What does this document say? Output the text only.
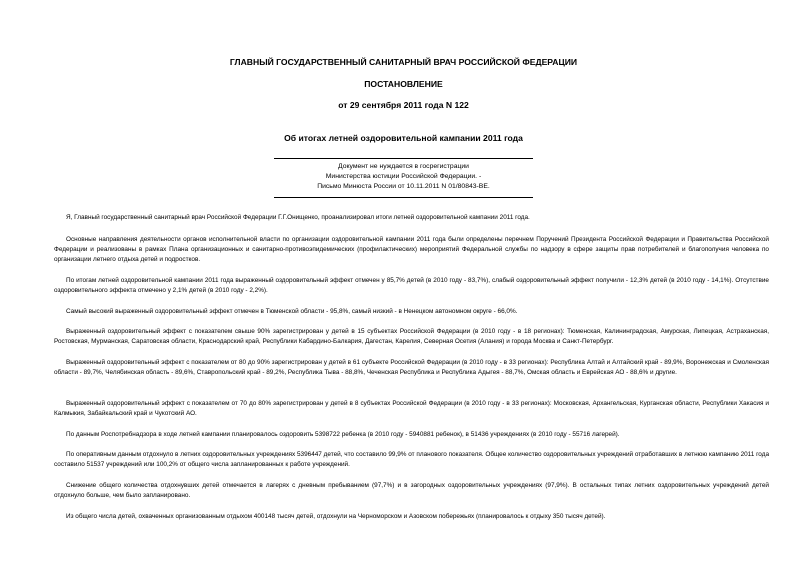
ГЛАВНЫЙ ГОСУДАРСТВЕННЫЙ САНИТАРНЫЙ ВРАЧ РОССИЙСКОЙ ФЕДЕРАЦИИ
ПОСТАНОВЛЕНИЕ
от 29 сентября 2011 года N 122
Об итогах летней оздоровительной кампании 2011 года
Документ не нуждается в госрегистрации
Министерства юстиции Российской Федерации. -
Письмо Минюста России от 10.11.2011 N 01/80843-ВЕ.

Я, Главный государственный санитарный врач Российской Федерации Г.Г.Онищенко, проанализировал итоги летней оздоровительной кампании 2011 года.

Основные направления деятельности органов исполнительной власти по организации оздоровительной кампании 2011 года были определены перечнем Поручений Президента Российской Федерации и Правительства Российской Федерации и реализованы в рамках Плана организационных и санитарно-противоэпидемических (профилактических) мероприятий Федеральной службы по надзору в сфере защиты прав потребителей и благополучия человека по организации летнего отдыха детей и подростков.

По итогам летней оздоровительной кампании 2011 года выраженный оздоровительный эффект отмечен у 85,7% детей (в 2010 году - 83,7%), слабый оздоровительный эффект получили - 12,3% детей (в 2010 году - 14,1%). Отсутствие оздоровительного эффекта отмечено у 2,1% детей (в 2010 году - 2,2%).

Самый высокий выраженный оздоровительный эффект отмечен в Тюменской области - 95,8%, самый низкий - в Ненецком автономном округе - 66,0%.

Выраженный оздоровительный эффект с показателем свыше 90% зарегистрирован у детей в 15 субъектах Российской Федерации (в 2010 году - в 18 регионах): Тюменская, Калининградская, Амурская, Липецкая, Астраханская, Ростовская, Мурманская, Саратовская области, Краснодарский край, Республики Кабардино-Балкария, Дагестан, Карелия, Северная Осетия (Алания) и города Москва и Санкт-Петербург.

Выраженный оздоровительный эффект с показателем от 80 до 90% зарегистрирован у детей в 61 субъекте Российской Федерации (в 2010 году - в 33 регионах): Республика Алтай и Алтайский край - 89,9%, Воронежская и Смоленская области - 89,7%, Челябинская область - 89,6%, Ставропольский край - 89,2%, Республика Тыва - 88,8%, Чеченская Республика и Республика Адыгея - 88,7%, Омская область и Еврейская АО - 88,6% и другие.

Выраженный оздоровительный эффект с показателем от 70 до 80% зарегистрирован у детей в 8 субъектах Российской Федерации (в 2010 году - в 33 регионах): Московская, Архангельская, Курганская области, Республики Хакасия и Калмыкия, Забайкальский край и Чукотский АО.

По данным Роспотребнадзора в ходе летней кампании планировалось оздоровить 5398722 ребенка (в 2010 году - 5940881 ребенок), в 51436 учреждениях (в 2010 году - 55716 лагерей).

По оперативным данным отдохнуло в летних оздоровительных учреждениях 5396447 детей, что составило 99,9% от планового показателя. Общее количество оздоровительных учреждений отработавших в летнюю кампанию 2011 года составило 51537 учреждений или 100,2% от общего числа запланированных к работе учреждений.

Снижение общего количества отдохнувших детей отмечается в лагерях с дневным пребыванием (97,7%) и в загородных оздоровительных учреждениях (97,9%). В остальных типах летних оздоровительных учреждений детей отдохнуло больше, чем было запланировано.

Из общего числа детей, охваченных организованным отдыхом 400148 тысяч детей, отдохнули на Черноморском и Азовском побережьях (планировалось к отдыху 350 тысяч детей).
